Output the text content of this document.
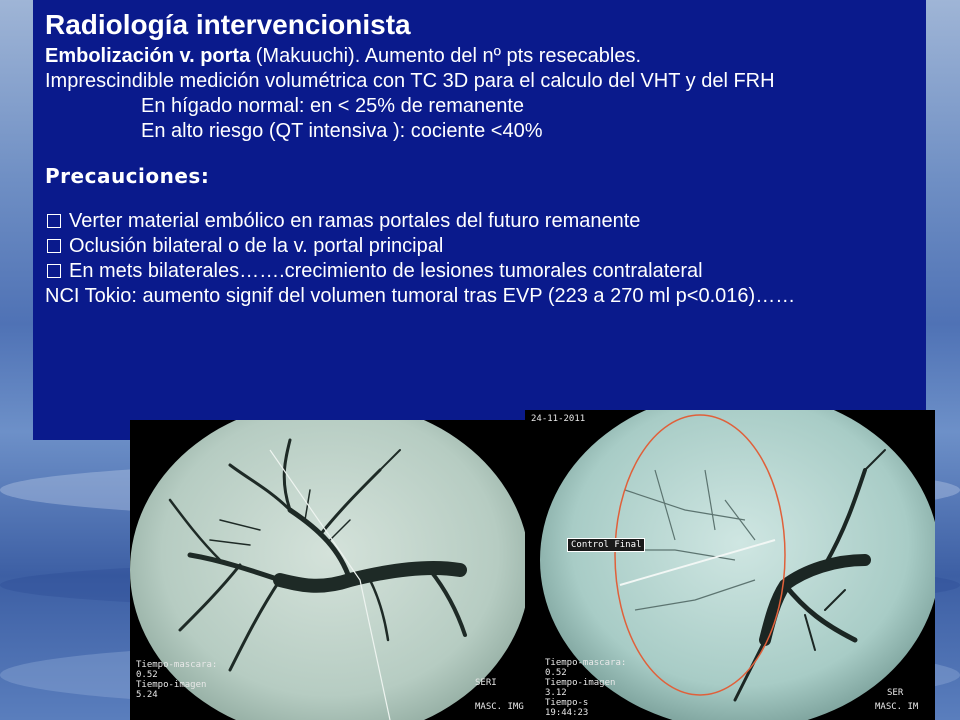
Radiología intervencionista

Embolización v. porta (Makuuchi). Aumento del nº pts resecables.

Imprescindible medición volumétrica con TC 3D para el calculo del VHT y del FRH

En hígado normal: en < 25% de remanente

En alto riesgo (QT intensiva ): cociente <40%

Precauciones:

Verter material embólico en ramas portales del futuro remanente

Oclusión bilateral o de la v. portal principal

En mets bilaterales…….crecimiento de lesiones tumorales contralateral

NCI Tokio: aumento signif del volumen tumoral tras EVP (223 a 270 ml p<0.016)……

Tiempo-mascara:
0.52
Tiempo-imagen
5.24
SERI
MASC. IMG
24-11-2011
Control Final
Tiempo-mascara:
0.52
Tiempo-imagen
3.12
Tiempo-s
19:44:23
SER
MASC. IM
